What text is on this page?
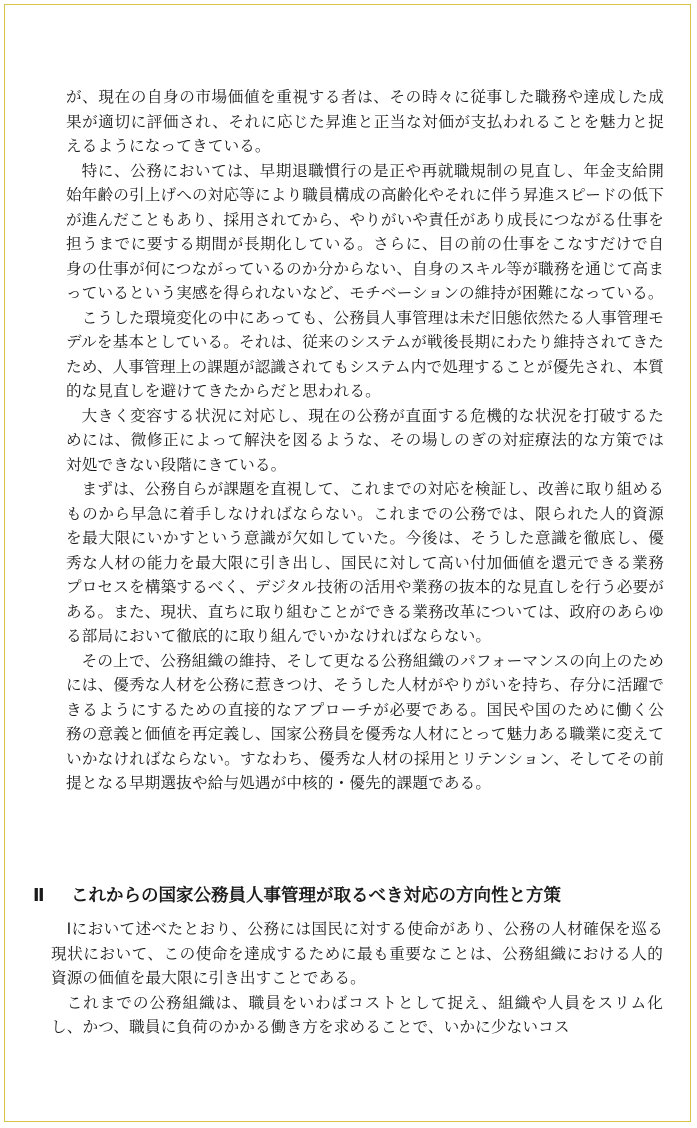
が、現在の自身の市場価値を重視する者は、その時々に従事した職務や達成した成果が適切に評価され、それに応じた昇進と正当な対価が支払われることを魅力と捉えるようになってきている。

特に、公務においては、早期退職慣行の是正や再就職規制の見直し、年金支給開始年齢の引上げへの対応等により職員構成の高齢化やそれに伴う昇進スピードの低下が進んだこともあり、採用されてから、やりがいや責任があり成長につながる仕事を担うまでに要する期間が長期化している。さらに、目の前の仕事をこなすだけで自身の仕事が何につながっているのか分からない、自身のスキル等が職務を通じて高まっているという実感を得られないなど、モチベーションの維持が困難になっている。

こうした環境変化の中にあっても、公務員人事管理は未だ旧態依然たる人事管理モデルを基本としている。それは、従来のシステムが戦後長期にわたり維持されてきたため、人事管理上の課題が認識されてもシステム内で処理することが優先され、本質的な見直しを避けてきたからだと思われる。

大きく変容する状況に対応し、現在の公務が直面する危機的な状況を打破するためには、微修正によって解決を図るような、その場しのぎの対症療法的な方策では対処できない段階にきている。

まずは、公務自らが課題を直視して、これまでの対応を検証し、改善に取り組めるものから早急に着手しなければならない。これまでの公務では、限られた人的資源を最大限にいかすという意識が欠如していた。今後は、そうした意識を徹底し、優秀な人材の能力を最大限に引き出し、国民に対して高い付加価値を還元できる業務プロセスを構築するべく、デジタル技術の活用や業務の抜本的な見直しを行う必要がある。また、現状、直ちに取り組むことができる業務改革については、政府のあらゆる部局において徹底的に取り組んでいかなければならない。

その上で、公務組織の維持、そして更なる公務組織のパフォーマンスの向上のためには、優秀な人材を公務に惹きつけ、そうした人材がやりがいを持ち、存分に活躍できるようにするための直接的なアプローチが必要である。国民や国のために働く公務の意義と価値を再定義し、国家公務員を優秀な人材にとって魅力ある職業に変えていかなければならない。すなわち、優秀な人材の採用とリテンション、そしてその前提となる早期選抜や給与処遇が中核的・優先的課題である。

Ⅱ これからの国家公務員人事管理が取るべき対応の方向性と方策

Ⅰにおいて述べたとおり、公務には国民に対する使命があり、公務の人材確保を巡る現状において、この使命を達成するために最も重要なことは、公務組織における人的資源の価値を最大限に引き出すことである。

これまでの公務組織は、職員をいわばコストとして捉え、組織や人員をスリム化し、かつ、職員に負荷のかかる働き方を求めることで、いかに少ないコス
